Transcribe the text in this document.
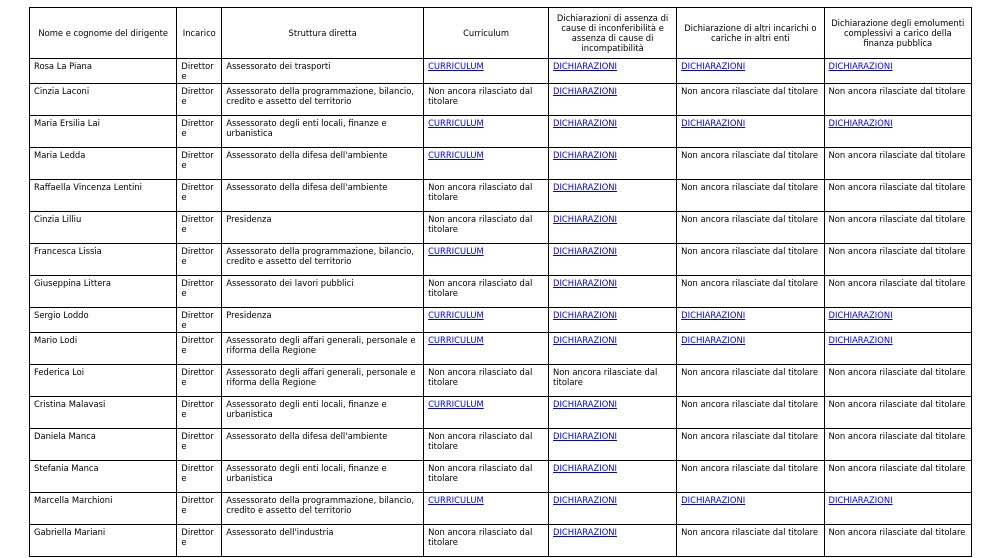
Nome e cognome del dirigente	Incarico	Struttura diretta	Curriculum	Dichiarazioni di assenza di cause di inconferibilità e assenza di cause di incompatibilità	Dichiarazione di altri incarichi o cariche in altri enti	Dichiarazione degli emolumenti complessivi a carico della finanza pubblica
Rosa La Piana	Direttore	Assessorato dei trasporti	CURRICULUM	DICHIARAZIONI	DICHIARAZIONI	DICHIARAZIONI
Cinzia Laconi	Direttore	Assessorato della programmazione, bilancio, credito e assetto del territorio	Non ancora rilasciato dal titolare	DICHIARAZIONI	Non ancora rilasciate dal titolare	Non ancora rilasciate dal titolare
Maria Ersilia Lai	Direttore	Assessorato degli enti locali, finanze e urbanistica	CURRICULUM	DICHIARAZIONI	DICHIARAZIONI	DICHIARAZIONI
Maria Ledda	Direttore	Assessorato della difesa dell'ambiente	CURRICULUM	DICHIARAZIONI	Non ancora rilasciate dal titolare	Non ancora rilasciate dal titolare
Raffaella Vincenza Lentini	Direttore	Assessorato della difesa dell'ambiente	Non ancora rilasciato dal titolare	DICHIARAZIONI	Non ancora rilasciate dal titolare	Non ancora rilasciate dal titolare
Cinzia Lilliu	Direttore	Presidenza	Non ancora rilasciato dal titolare	DICHIARAZIONI	Non ancora rilasciate dal titolare	Non ancora rilasciate dal titolare
Francesca Lissia	Direttore	Assessorato della programmazione, bilancio, credito e assetto del territorio	CURRICULUM	DICHIARAZIONI	Non ancora rilasciate dal titolare	Non ancora rilasciate dal titolare
Giuseppina Littera	Direttore	Assessorato dei lavori pubblici	Non ancora rilasciato dal titolare	DICHIARAZIONI	Non ancora rilasciate dal titolare	Non ancora rilasciate dal titolare
Sergio Loddo	Direttore	Presidenza	CURRICULUM	DICHIARAZIONI	DICHIARAZIONI	DICHIARAZIONI
Mario Lodi	Direttore	Assessorato degli affari generali, personale e riforma della Regione	CURRICULUM	DICHIARAZIONI	DICHIARAZIONI	DICHIARAZIONI
Federica Loi	Direttore	Assessorato degli affari generali, personale e riforma della Regione	Non ancora rilasciato dal titolare	Non ancora rilasciate dal titolare	Non ancora rilasciate dal titolare	Non ancora rilasciate dal titolare
Cristina Malavasi	Direttore	Assessorato degli enti locali, finanze e urbanistica	CURRICULUM	DICHIARAZIONI	Non ancora rilasciate dal titolare	Non ancora rilasciate dal titolare
Daniela Manca	Direttore	Assessorato della difesa dell'ambiente	Non ancora rilasciato dal titolare	DICHIARAZIONI	Non ancora rilasciate dal titolare	Non ancora rilasciate dal titolare
Stefania Manca	Direttore	Assessorato degli enti locali, finanze e urbanistica	Non ancora rilasciato dal titolare	DICHIARAZIONI	Non ancora rilasciate dal titolare	Non ancora rilasciate dal titolare
Marcella Marchioni	Direttore	Assessorato della programmazione, bilancio, credito e assetto del territorio	CURRICULUM	DICHIARAZIONI	DICHIARAZIONI	DICHIARAZIONI
Gabriella Mariani	Direttore	Assessorato dell'industria	Non ancora rilasciato dal titolare	DICHIARAZIONI	Non ancora rilasciate dal titolare	Non ancora rilasciate dal titolare
